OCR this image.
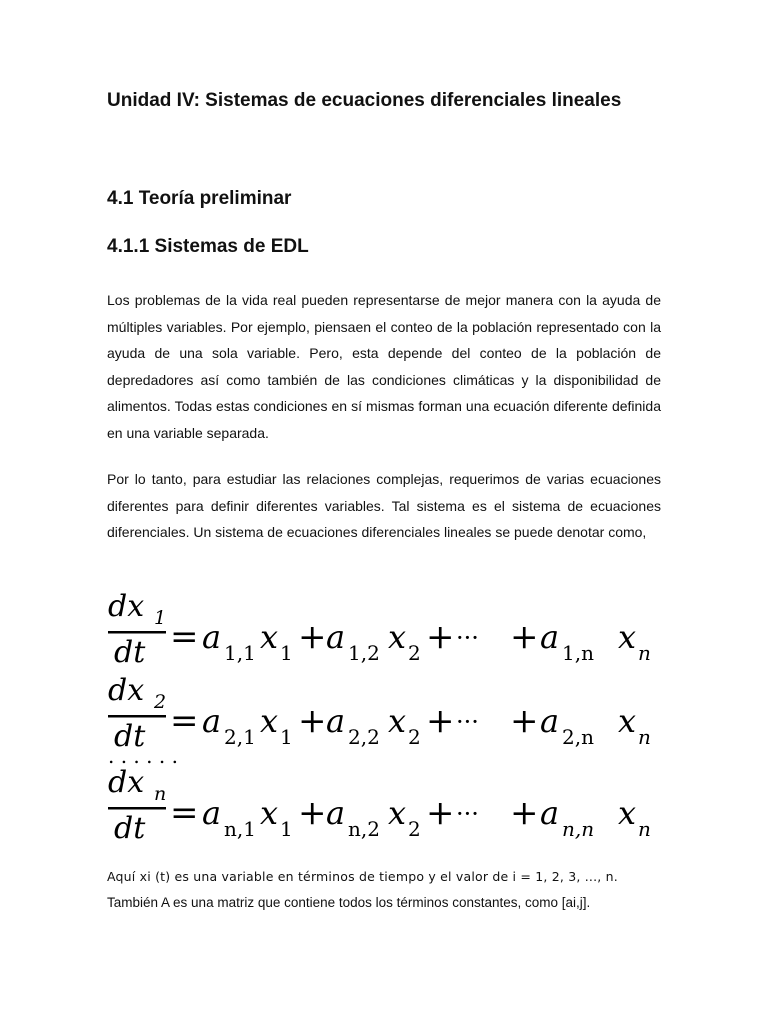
Unidad IV: Sistemas de ecuaciones diferenciales lineales
4.1 Teoría preliminar
4.1.1 Sistemas de EDL

Los problemas de la vida real pueden representarse de mejor manera con la ayuda de múltiples variables. Por ejemplo, piensaen el conteo de la población representado con la ayuda de una sola variable. Pero, esta depende del conteo de la población de depredadores así como también de las condiciones climáticas y la disponibilidad de alimentos. Todas estas condiciones en sí mismas forman una ecuación diferente definida en una variable separada.

Por lo tanto, para estudiar las relaciones complejas, requerimos de varias ecuaciones diferentes para definir diferentes variables. Tal sistema es el sistema de ecuaciones diferenciales. Un sistema de ecuaciones diferenciales lineales se puede denotar como,

dx 1
dt = a 1,1 x 1 + a 1,2 x 2 + ··· + a 1,n x n
dx 2
dt = a 2,1 x 1 + a 2,2 x 2 + ··· + a 2,n x n
dx n
dt = a n,1 x 1 + a n,2 x 2 + ··· + a n,n x n
. . . . . .

Aquí xi (t) es una variable en términos de tiempo y el valor de i = 1, 2, 3, ..., n.

También A es una matriz que contiene todos los términos constantes, como [ai,j].
